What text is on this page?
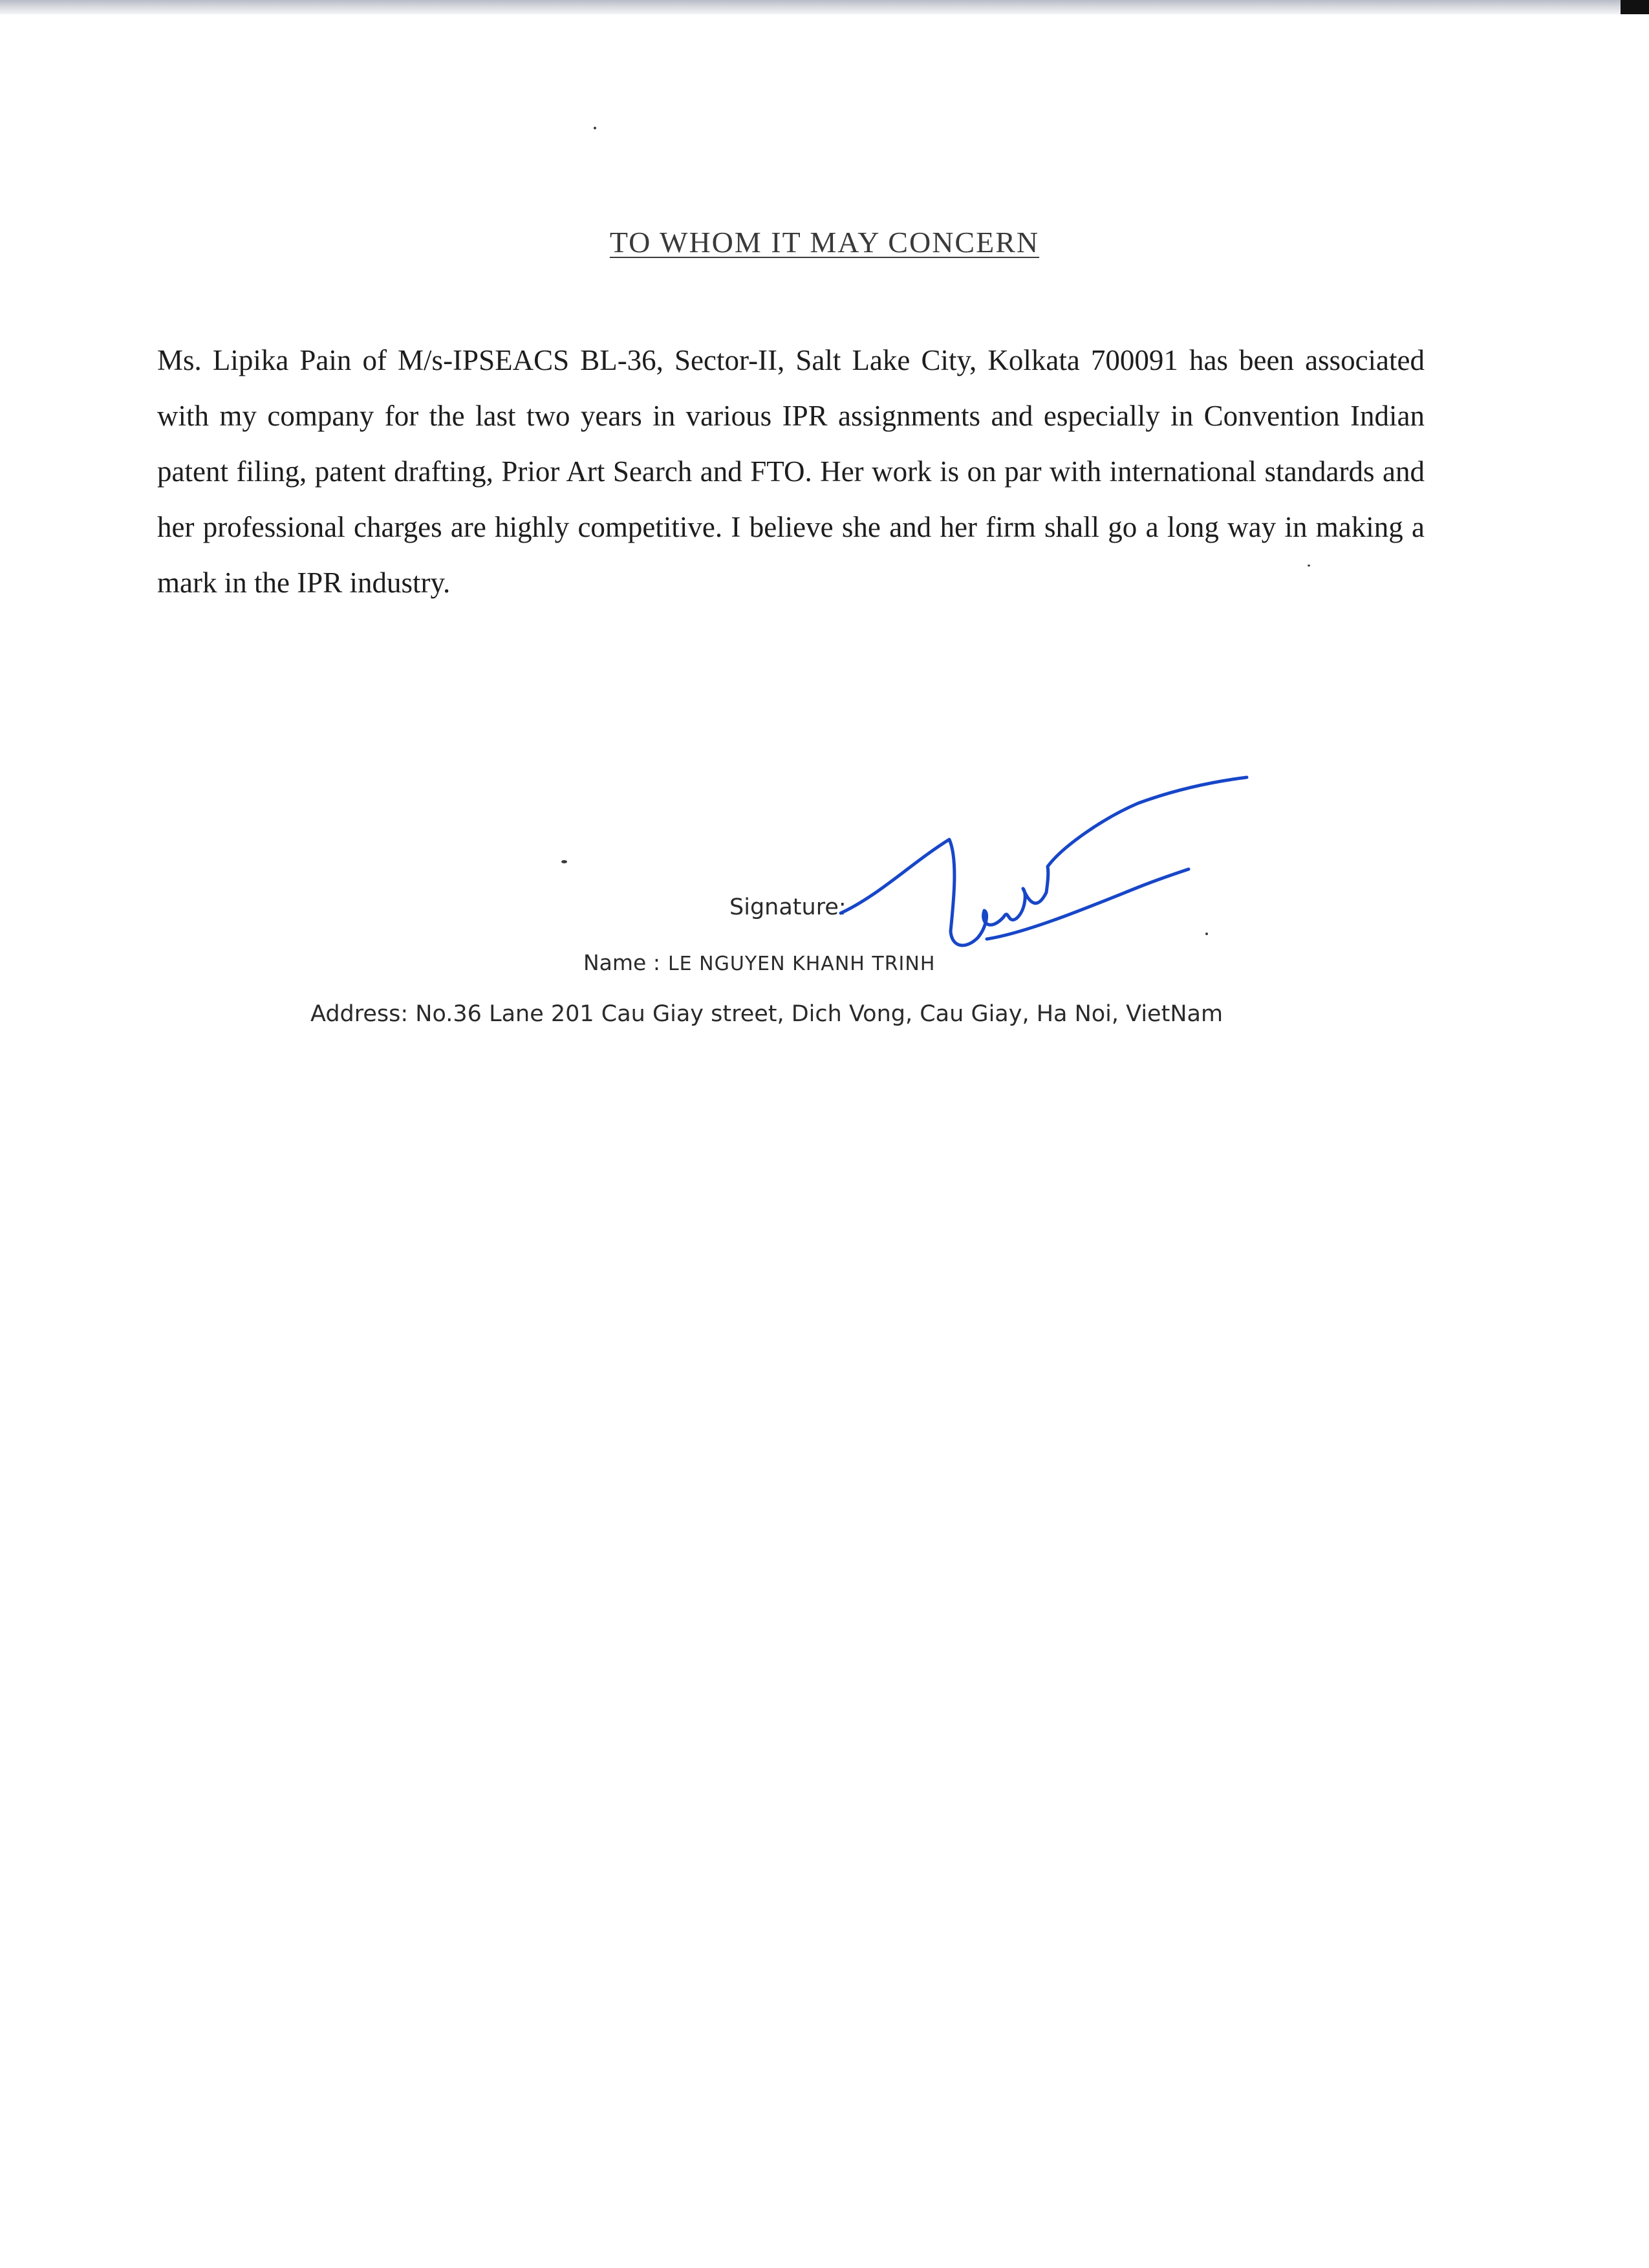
TO WHOM IT MAY CONCERN
Ms. Lipika Pain of M/s-IPSEACS BL-36, Sector-II, Salt Lake City, Kolkata 700091 has been associated with my company for the last two years in various IPR assignments and especially in Convention Indian patent filing, patent drafting, Prior Art Search and FTO. Her work is on par with international standards and her professional charges are highly competitive. I believe she and her firm shall go a long way in making a mark in the IPR industry.
Signature:
Name : LE NGUYEN KHANH TRINH
Address: No.36 Lane 201 Cau Giay street, Dich Vong, Cau Giay, Ha Noi, VietNam
